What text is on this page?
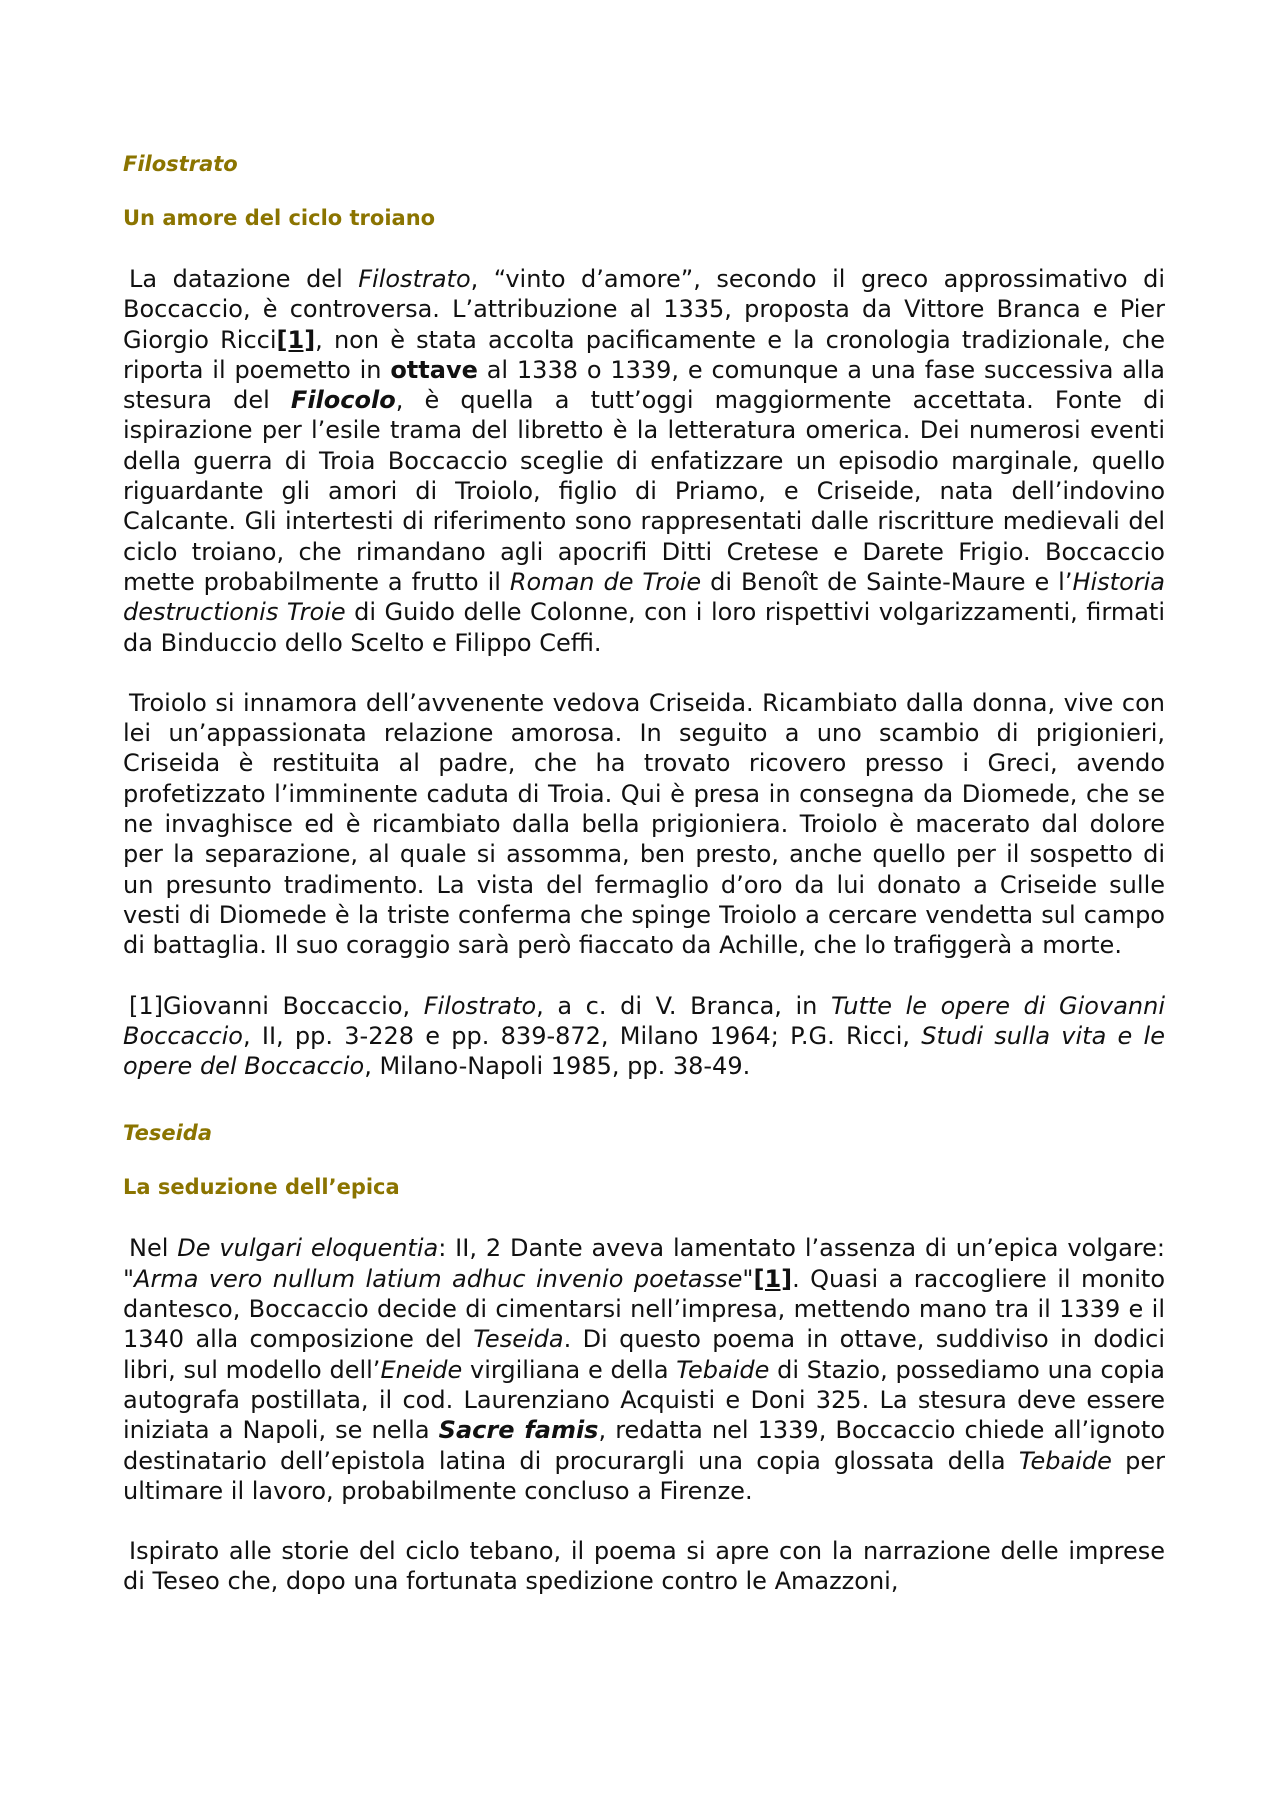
Filostrato
Un amore del ciclo troiano

La datazione del Filostrato, “vinto d’amore”, secondo il greco approssimativo di Boccaccio, è controversa. L’attribuzione al 1335, proposta da Vittore Branca e Pier Giorgio Ricci[1], non è stata accolta pacificamente e la cronologia tradizionale, che riporta il poemetto in ottave al 1338 o 1339, e comunque a una fase successiva alla stesura del Filocolo, è quella a tutt’oggi maggiormente accettata. Fonte di ispirazione per l’esile trama del libretto è la letteratura omerica. Dei numerosi eventi della guerra di Troia Boccaccio sceglie di enfatizzare un episodio marginale, quello riguardante gli amori di Troiolo, figlio di Priamo, e Criseide, nata dell’indovino Calcante. Gli intertesti di riferimento sono rappresentati dalle riscritture medievali del ciclo troiano, che rimandano agli apocrifi Ditti Cretese e Darete Frigio. Boccaccio mette probabilmente a frutto il Roman de Troie di Benoît de Sainte-Maure e l’Historia destructionis Troie di Guido delle Colonne, con i loro rispettivi volgarizzamenti, firmati da Binduccio dello Scelto e Filippo Ceffi.

Troiolo si innamora dell’avvenente vedova Criseida. Ricambiato dalla donna, vive con lei un’appassionata relazione amorosa. In seguito a uno scambio di prigionieri, Criseida è restituita al padre, che ha trovato ricovero presso i Greci, avendo profetizzato l’imminente caduta di Troia. Qui è presa in consegna da Diomede, che se ne invaghisce ed è ricambiato dalla bella prigioniera. Troiolo è macerato dal dolore per la separazione, al quale si assomma, ben presto, anche quello per il sospetto di un presunto tradimento. La vista del fermaglio d’oro da lui donato a Criseide sulle vesti di Diomede è la triste conferma che spinge Troiolo a cercare vendetta sul campo di battaglia. Il suo coraggio sarà però fiaccato da Achille, che lo trafiggerà a morte.

[1]Giovanni Boccaccio, Filostrato, a c. di V. Branca, in Tutte le opere di Giovanni Boccaccio, II, pp. 3-228 e pp. 839-872, Milano 1964; P.G. Ricci, Studi sulla vita e le opere del Boccaccio, Milano-Napoli 1985, pp. 38-49.

Teseida
La seduzione dell’epica

Nel De vulgari eloquentia: II, 2 Dante aveva lamentato l’assenza di un’epica volgare: "Arma vero nullum latium adhuc invenio poetasse"[1]. Quasi a raccogliere il monito dantesco, Boccaccio decide di cimentarsi nell’impresa, mettendo mano tra il 1339 e il 1340 alla composizione del Teseida. Di questo poema in ottave, suddiviso in dodici libri, sul modello dell’Eneide virgiliana e della Tebaide di Stazio, possediamo una copia autografa postillata, il cod. Laurenziano Acquisti e Doni 325. La stesura deve essere iniziata a Napoli, se nella Sacre famis, redatta nel 1339, Boccaccio chiede all’ignoto destinatario dell’epistola latina di procurargli una copia glossata della Tebaide per ultimare il lavoro, probabilmente concluso a Firenze.

Ispirato alle storie del ciclo tebano, il poema si apre con la narrazione delle imprese di Teseo che, dopo una fortunata spedizione contro le Amazzoni,
